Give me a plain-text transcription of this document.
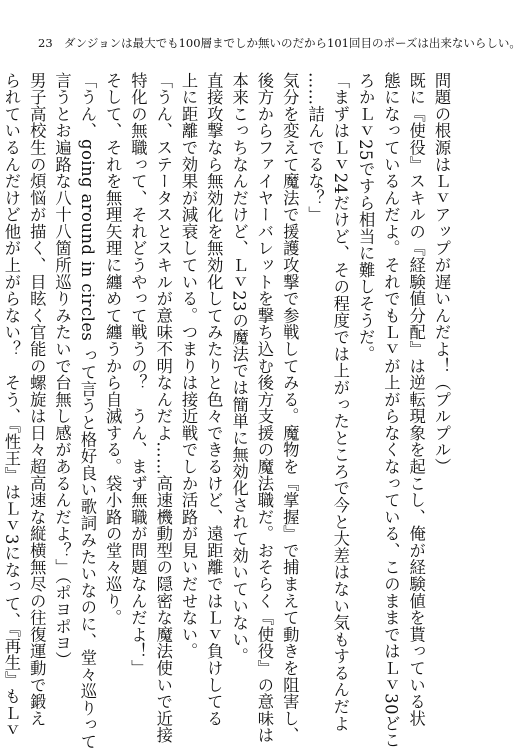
23 ダンジョンは最大でも100層までしか無いのだから101回目のポーズは出来ないらしい。
問題の根源はＬｖアップが遅いんだよ！（プルプル）
既に『使役』スキルの『経験値分配』は逆転現象を起こし、俺が経験値を貰っている状
態になっているんだよ。それでもＬｖが上がらなくなっている、このままではＬｖ30どこ
ろかＬｖ25ですら相当に難しそうだ。
「まずはＬｖ24だけど、その程度では上がったところで今と大差はない気もするんだよ
……詰んでるな？」
気分を変えて魔法で援護攻撃で参戦してみる。魔物を『掌握』で捕まえて動きを阻害し、
後方からファイヤーバレットを撃ち込む後方支援の魔法職だ。おそらく『使役』の意味は
本来こっちなんだけど、Ｌｖ23の魔法では簡単に無効化されて効いていない。
直接攻撃なら無効化を無効化してみたりと色々できるけど、遠距離ではＬｖ負けしてる
上に距離で効果が減衰している。つまりは接近戦でしか活路が見いだせない。
「うん、ステータスとスキルが意味不明なんだよ……高速機動型の隠密な魔法使いで近接
特化の無職って、それどうやって戦うの？　うん、まず無職が問題なんだよ！」
そして、それを無理矢理に纏めて纏うから自滅する。袋小路の堂々巡り。
「うん、going around in circles って言うと格好良い歌詞みたいなのに、堂々巡りって
言うとお遍路な八十八箇所巡りみたいで台無し感があるんだよ？」（ポヨポヨ）
男子高校生の煩悩が描く、目眩く官能の螺旋は日々超高速な縦横無尽の往復運動で鍛え
られているんだけど他が上がらない？　そう、『性王』はＬｖ3になって、『再生』もＬｖ
